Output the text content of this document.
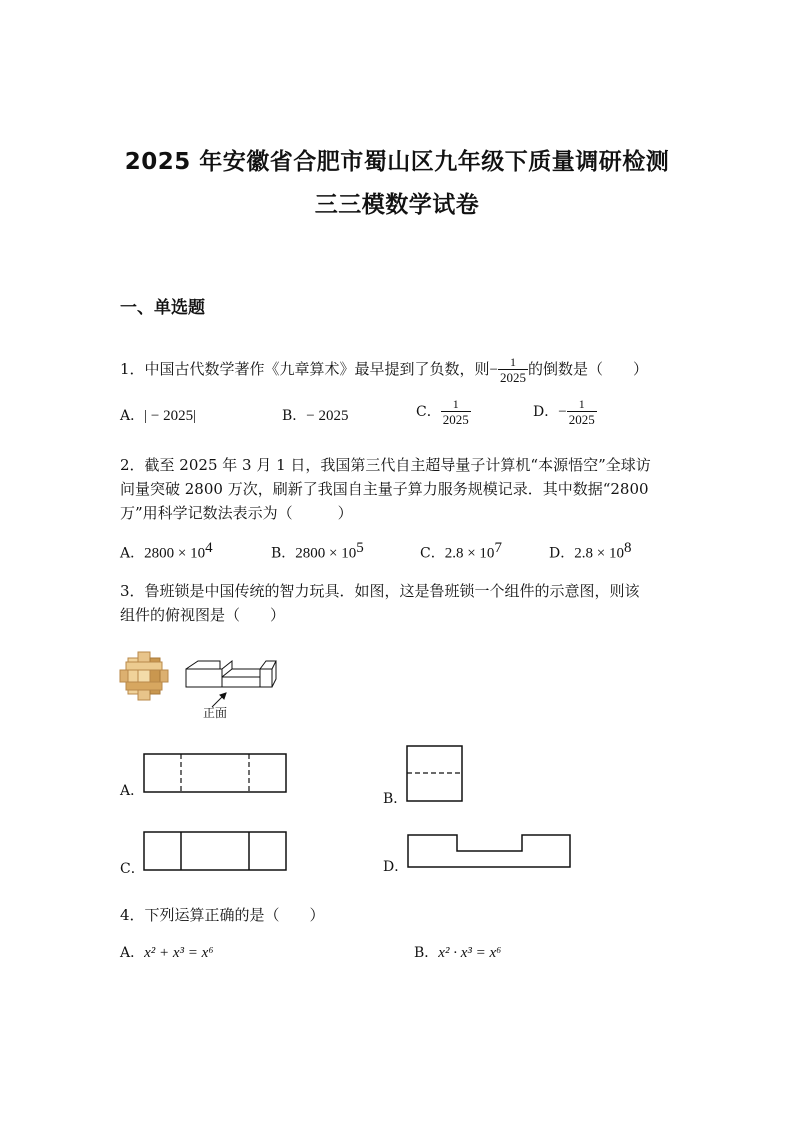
2025 年安徽省合肥市蜀山区九年级下质量调研检测
三三模数学试卷
一、单选题
1．中国古代数学著作《九章算术》最早提到了负数，则− $\frac{1}{2025}$ 的倒数是（　　）
A．| − 2025|	B．− 2025	C． $\frac{1}{2025}$	D．− $\frac{1}{2025}$
2．截至 2025 年 3 月 1 日，我国第三代自主超导量子计算机“本源悟空”全球访
问量突破 2800 万次，刷新了我国自主量子算力服务规模记录．其中数据“2800
万”用科学记数法表示为（　　　）
A．$2800 \times 10^4$	B．$2800 \times 10^5$	C．$2.8 \times 10^7$	D．$2.8 \times 10^8$
3．鲁班锁是中国传统的智力玩具．如图，这是鲁班锁一个组件的示意图，则该
组件的俯视图是（　　）
正面
A．	B．
C．	D．
4．下列运算正确的是（　　）
A．x² + x³ = x⁶	B．x² · x³ = x⁶
